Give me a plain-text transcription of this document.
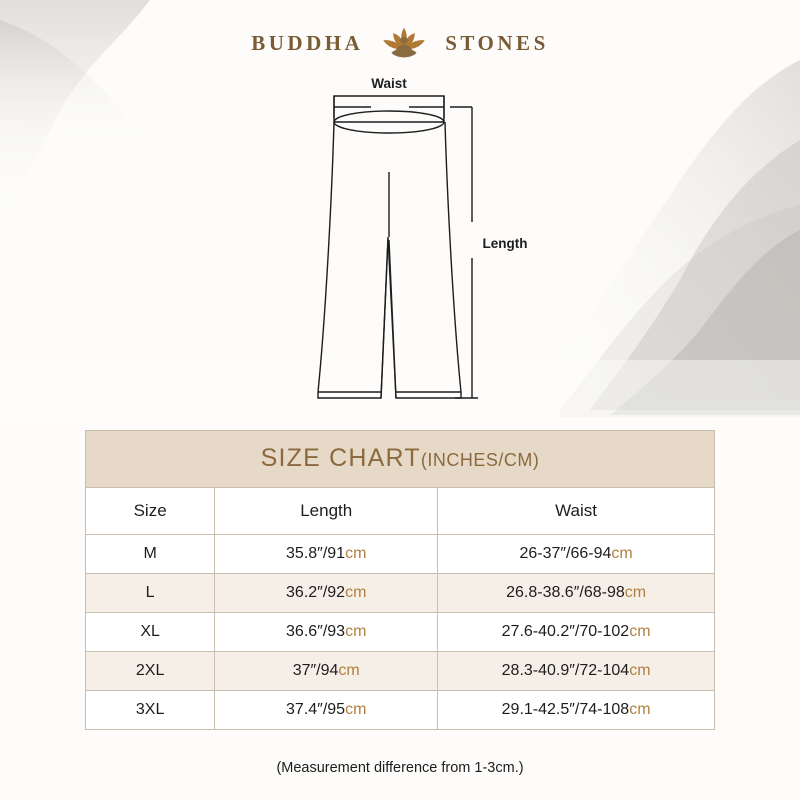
BUDDHA	STONES
Waist
Length
SIZE CHART(INCHES/CM)
Size	Length	Waist
M	35.8″/91cm	26-37″/66-94cm
L	36.2″/92cm	26.8-38.6″/68-98cm
XL	36.6″/93cm	27.6-40.2″/70-102cm
2XL	37″/94cm	28.3-40.9″/72-104cm
3XL	37.4″/95cm	29.1-42.5″/74-108cm
(Measurement difference from 1-3cm.)
